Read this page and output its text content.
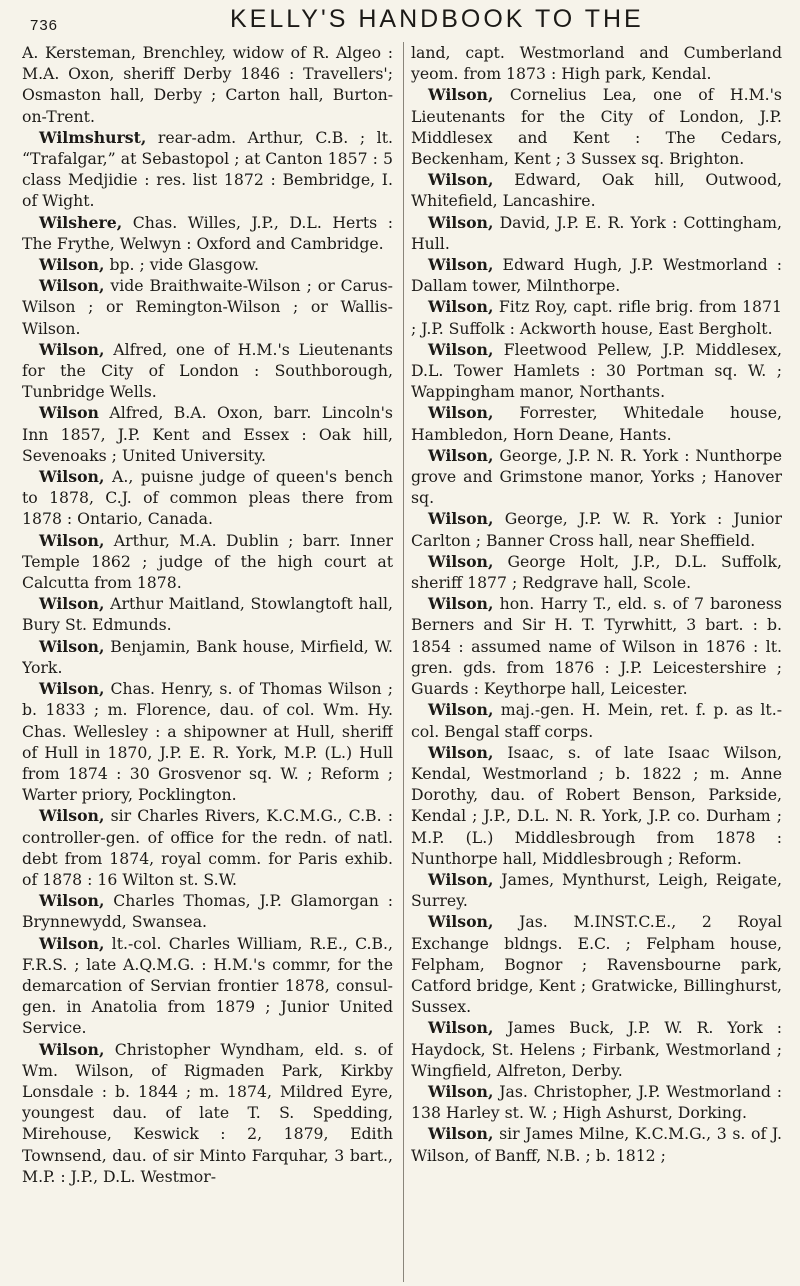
736	KELLY'S HANDBOOK TO THE

A. Kersteman, Brenchley, widow of R. Algeo : M.A. Oxon, sheriff Derby 1846 : Travellers'; Osmaston hall, Derby ; Carton hall, Burton-on-Trent.

Wilmshurst, rear-adm. Arthur, C.B. ; lt. “Trafalgar,” at Sebastopol ; at Canton 1857 : 5 class Medjidie : res. list 1872 : Bembridge, I. of Wight.

Wilshere, Chas. Willes, J.P., D.L. Herts : The Frythe, Welwyn : Oxford and Cambridge.

Wilson, bp. ; vide Glasgow.

Wilson, vide Braithwaite-Wilson ; or Carus-Wilson ; or Remington-Wilson ; or Wallis-Wilson.

Wilson, Alfred, one of H.M.'s Lieutenants for the City of London : Southborough, Tunbridge Wells.

Wilson Alfred, B.A. Oxon, barr. Lincoln's Inn 1857, J.P. Kent and Essex : Oak hill, Sevenoaks ; United University.

Wilson, A., puisne judge of queen's bench to 1878, C.J. of common pleas there from 1878 : Ontario, Canada.

Wilson, Arthur, M.A. Dublin ; barr. Inner Temple 1862 ; judge of the high court at Calcutta from 1878.

Wilson, Arthur Maitland, Stowlangtoft hall, Bury St. Edmunds.

Wilson, Benjamin, Bank house, Mirfield, W. York.

Wilson, Chas. Henry, s. of Thomas Wilson ; b. 1833 ; m. Florence, dau. of col. Wm. Hy. Chas. Wellesley : a shipowner at Hull, sheriff of Hull in 1870, J.P. E. R. York, M.P. (L.) Hull from 1874 : 30 Grosvenor sq. W. ; Reform ; Warter priory, Pocklington.

Wilson, sir Charles Rivers, K.C.M.G., C.B. : controller-gen. of office for the redn. of natl. debt from 1874, royal comm. for Paris exhib. of 1878 : 16 Wilton st. S.W.

Wilson, Charles Thomas, J.P. Glamorgan : Brynnewydd, Swansea.

Wilson, lt.-col. Charles William, R.E., C.B., F.R.S. ; late A.Q.M.G. : H.M.'s commr, for the demarcation of Servian frontier 1878, consul-gen. in Anatolia from 1879 ; Junior United Service.

Wilson, Christopher Wyndham, eld. s. of Wm. Wilson, of Rigmaden Park, Kirkby Lonsdale : b. 1844 ; m. 1874, Mildred Eyre, youngest dau. of late T. S. Spedding, Mirehouse, Keswick : 2, 1879, Edith Townsend, dau. of sir Minto Farquhar, 3 bart., M.P. : J.P., D.L. Westmor-

land, capt. Westmorland and Cumberland yeom. from 1873 : High park, Kendal.

Wilson, Cornelius Lea, one of H.M.'s Lieutenants for the City of London, J.P. Middlesex and Kent : The Cedars, Beckenham, Kent ; 3 Sussex sq. Brighton.

Wilson, Edward, Oak hill, Outwood, Whitefield, Lancashire.

Wilson, David, J.P. E. R. York : Cottingham, Hull.

Wilson, Edward Hugh, J.P. Westmorland : Dallam tower, Milnthorpe.

Wilson, Fitz Roy, capt. rifle brig. from 1871 ; J.P. Suffolk : Ackworth house, East Bergholt.

Wilson, Fleetwood Pellew, J.P. Middlesex, D.L. Tower Hamlets : 30 Portman sq. W. ; Wappingham manor, Northants.

Wilson, Forrester, Whitedale house, Hambledon, Horn Deane, Hants.

Wilson, George, J.P. N. R. York : Nunthorpe grove and Grimstone manor, Yorks ; Hanover sq.

Wilson, George, J.P. W. R. York : Junior Carlton ; Banner Cross hall, near Sheffield.

Wilson, George Holt, J.P., D.L. Suffolk, sheriff 1877 ; Redgrave hall, Scole.

Wilson, hon. Harry T., eld. s. of 7 baroness Berners and Sir H. T. Tyrwhitt, 3 bart. : b. 1854 : assumed name of Wilson in 1876 : lt. gren. gds. from 1876 : J.P. Leicestershire ; Guards : Keythorpe hall, Leicester.

Wilson, maj.-gen. H. Mein, ret. f. p. as lt.-col. Bengal staff corps.

Wilson, Isaac, s. of late Isaac Wilson, Kendal, Westmorland ; b. 1822 ; m. Anne Dorothy, dau. of Robert Benson, Parkside, Kendal ; J.P., D.L. N. R. York, J.P. co. Durham ; M.P. (L.) Middlesbrough from 1878 : Nunthorpe hall, Middlesbrough ; Reform.

Wilson, James, Mynthurst, Leigh, Reigate, Surrey.

Wilson, Jas. M.INST.C.E., 2 Royal Exchange bldngs. E.C. ; Felpham house, Felpham, Bognor ; Ravensbourne park, Catford bridge, Kent ; Gratwicke, Billinghurst, Sussex.

Wilson, James Buck, J.P. W. R. York : Haydock, St. Helens ; Firbank, Westmorland ; Wingfield, Alfreton, Derby.

Wilson, Jas. Christopher, J.P. Westmorland : 138 Harley st. W. ; High Ashurst, Dorking.

Wilson, sir James Milne, K.C.M.G., 3 s. of J. Wilson, of Banff, N.B. ; b. 1812 ;
